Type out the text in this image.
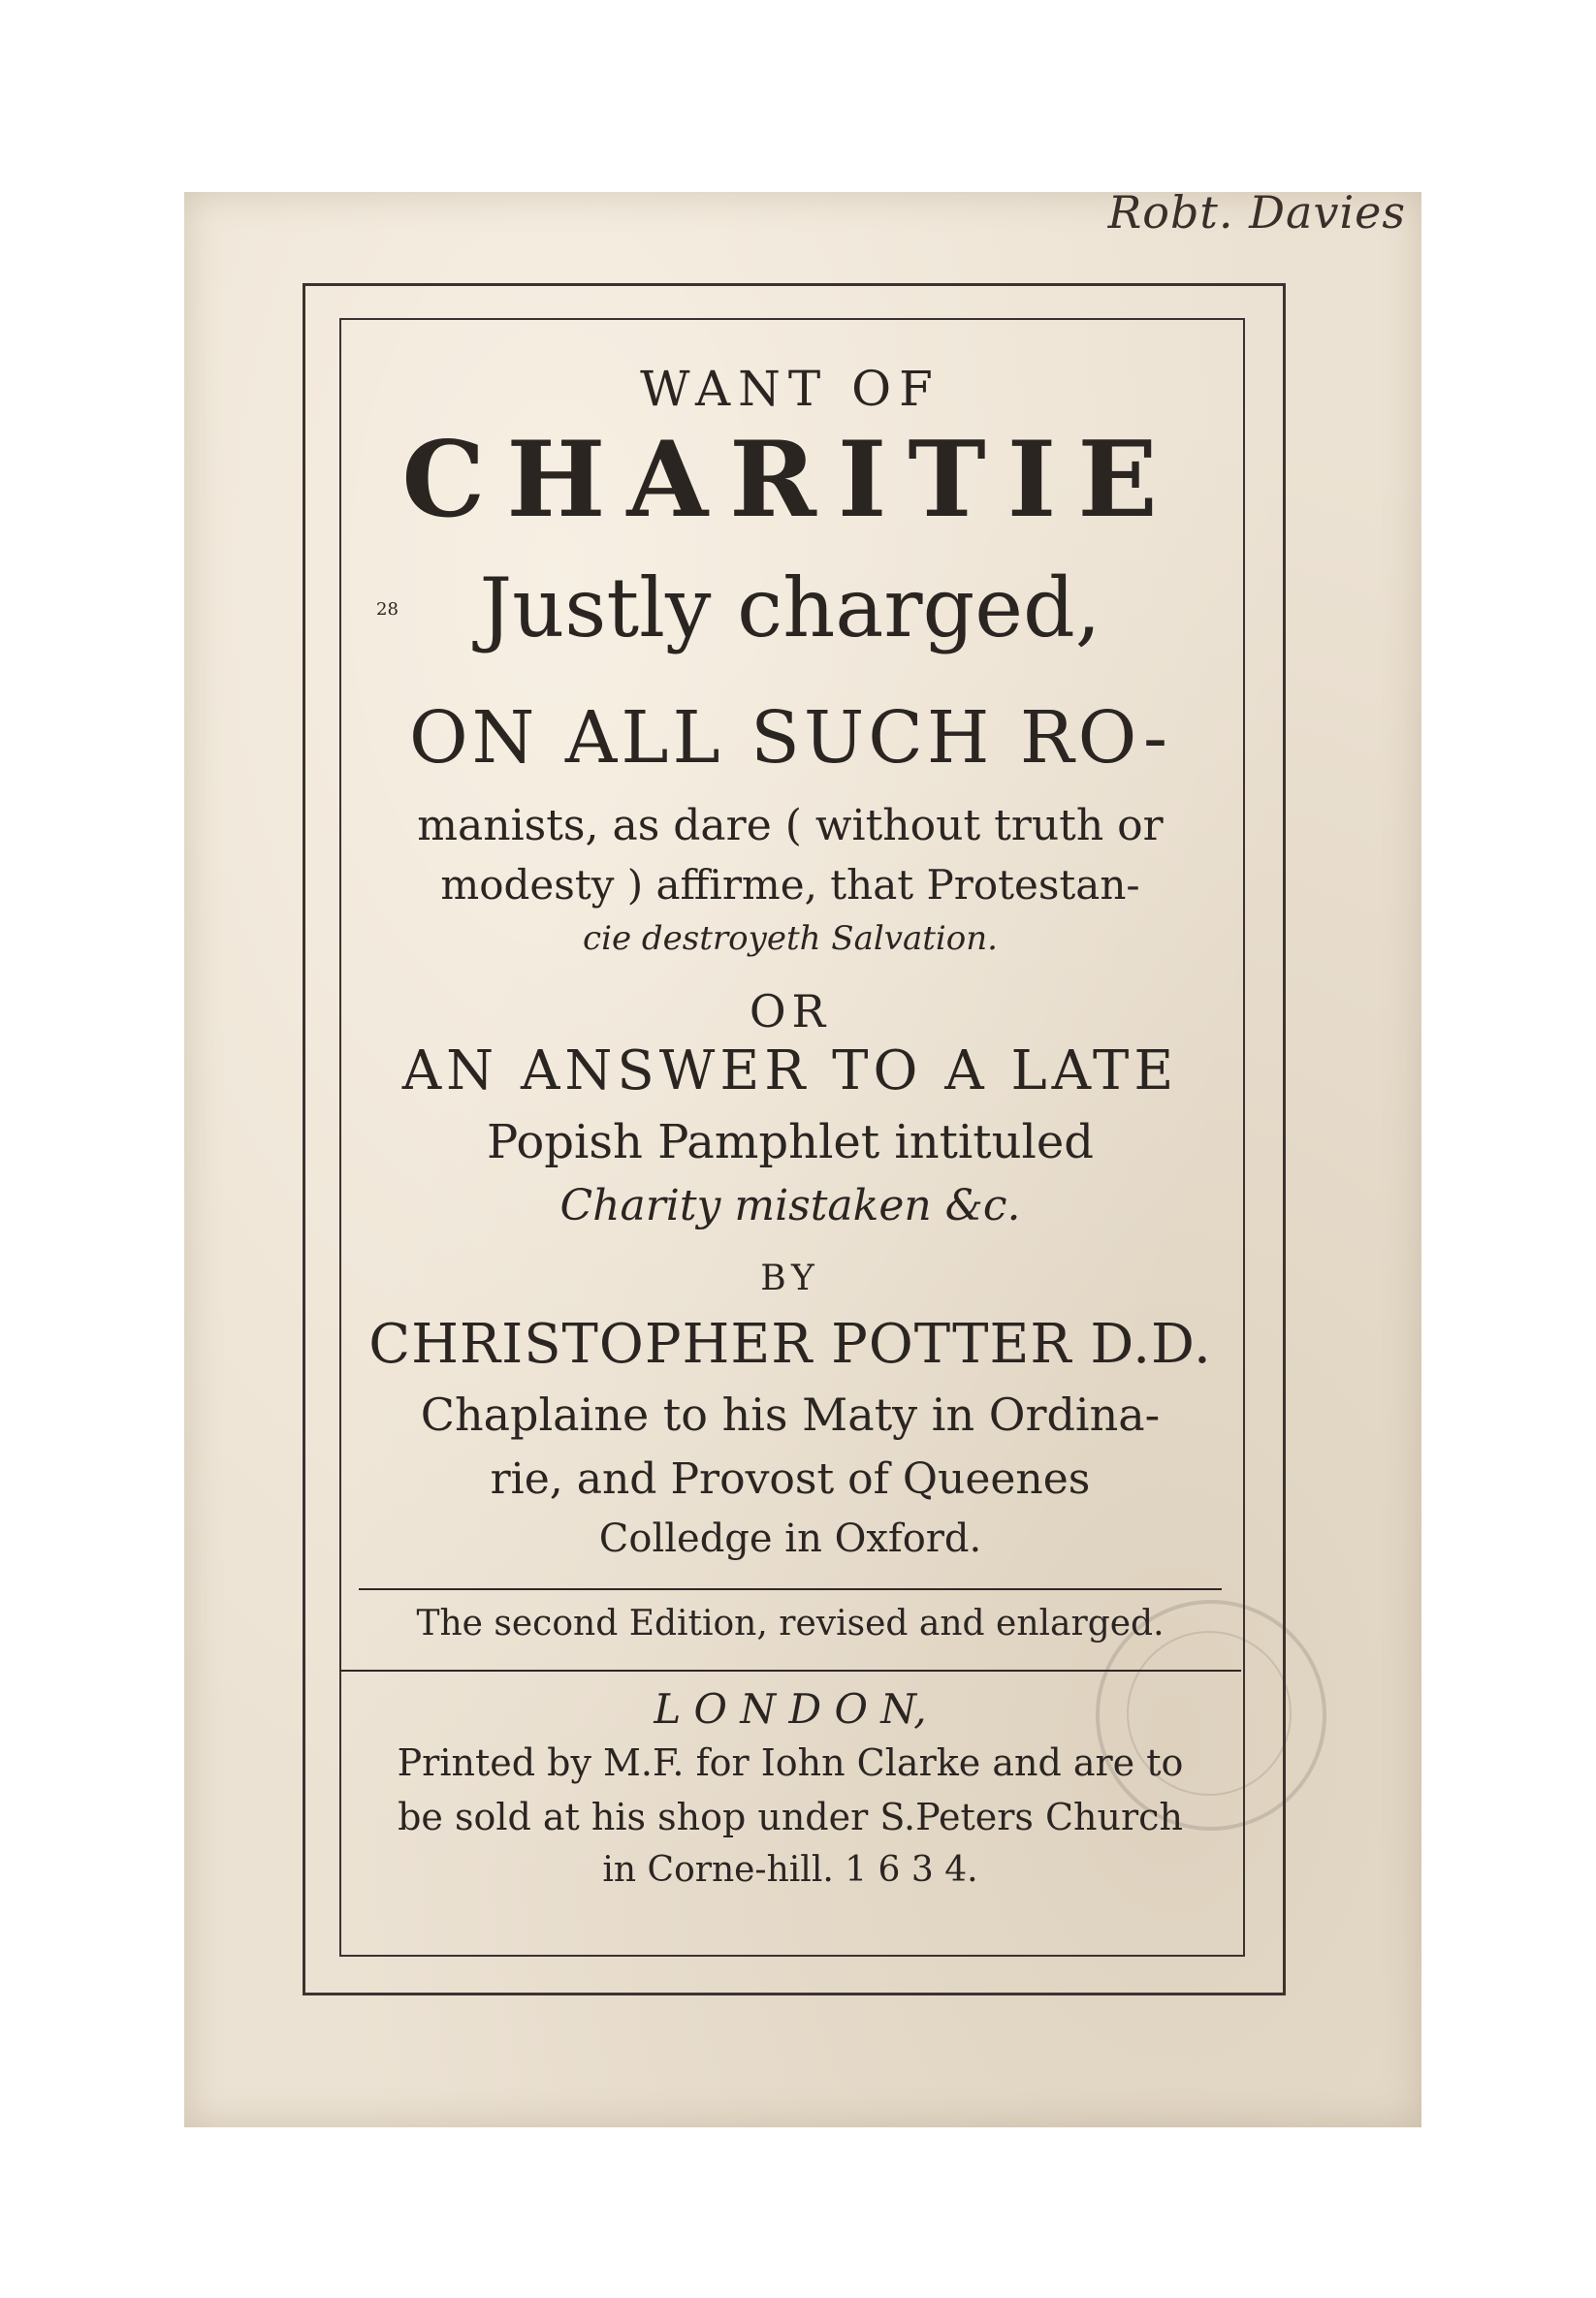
Robt. Davies
28
WANT OF
CHARITIE
Justly charged,
ON ALL SUCH RO-
manists, as dare ( without truth or
modesty ) affirme, that Protestan-
cie destroyeth Salvation.
OR
AN ANSWER TO A LATE
Popish Pamphlet intituled
Charity mistaken &c.
BY
CHRISTOPHER POTTER D.D.
Chaplaine to his Maty in Ordina-
rie, and Provost of Queenes
Colledge in Oxford.
The second Edition, revised and enlarged.
L O N D O N,
Printed by M.F. for Iohn Clarke and are to
be sold at his shop under S.Peters Church
in Corne-hill. 1 6 3 4.
